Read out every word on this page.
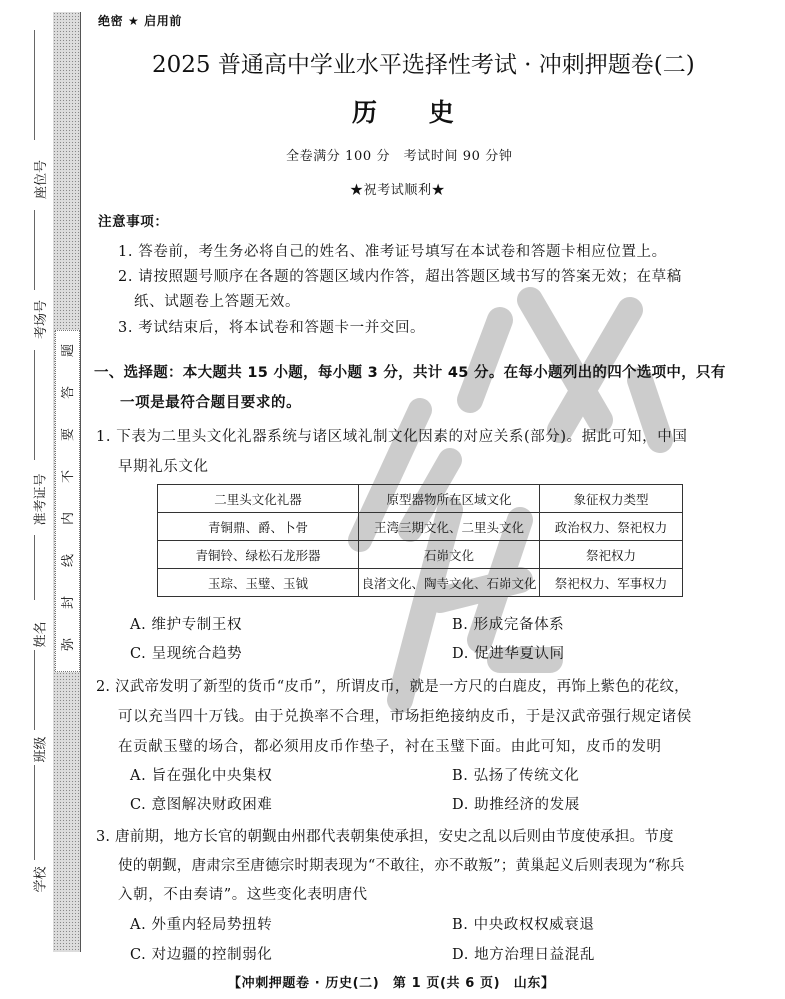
题
答
要
不
内
线
封
弥
座位号
考场号
准考证号
姓名
班级
学校
绝密 ★ 启用前
2025 普通高中学业水平选择性考试 · 冲刺押题卷(二)
历　　史
全卷满分 100 分　考试时间 90 分钟
★祝考试顺利★
注意事项：
1. 答卷前，考生务必将自己的姓名、准考证号填写在本试卷和答题卡相应位置上。
2. 请按照题号顺序在各题的答题区域内作答，超出答题区域书写的答案无效；在草稿
纸、试题卷上答题无效。
3. 考试结束后，将本试卷和答题卡一并交回。
一、选择题：本大题共 15 小题，每小题 3 分，共计 45 分。在每小题列出的四个选项中，只有
一项是最符合题目要求的。
1. 下表为二里头文化礼器系统与诸区域礼制文化因素的对应关系(部分)。据此可知，中国
早期礼乐文化
二里头文化礼器	原型器物所在区域文化	象征权力类型
青铜鼎、爵、卜骨	王湾三期文化、二里头文化	政治权力、祭祀权力
青铜铃、绿松石龙形器	石峁文化	祭祀权力
玉琮、玉璧、玉钺	良渚文化、陶寺文化、石峁文化	祭祀权力、军事权力
A. 维护专制王权	B. 形成完备体系
C. 呈现统合趋势	D. 促进华夏认同
2. 汉武帝发明了新型的货币“皮币”，所谓皮币，就是一方尺的白鹿皮，再饰上紫色的花纹，
可以充当四十万钱。由于兑换率不合理，市场拒绝接纳皮币，于是汉武帝强行规定诸侯
在贡献玉璧的场合，都必须用皮币作垫子，衬在玉璧下面。由此可知，皮币的发明
A. 旨在强化中央集权	B. 弘扬了传统文化
C. 意图解决财政困难	D. 助推经济的发展
3. 唐前期，地方长官的朝觐由州郡代表朝集使承担，安史之乱以后则由节度使承担。节度
使的朝觐，唐肃宗至唐德宗时期表现为“不敢往，亦不敢叛”；黄巢起义后则表现为“称兵
入朝，不由奏请”。这些变化表明唐代
A. 外重内轻局势扭转	B. 中央政权权威衰退
C. 对边疆的控制弱化	D. 地方治理日益混乱
【冲刺押题卷 · 历史(二)　第 1 页(共 6 页)　山东】
